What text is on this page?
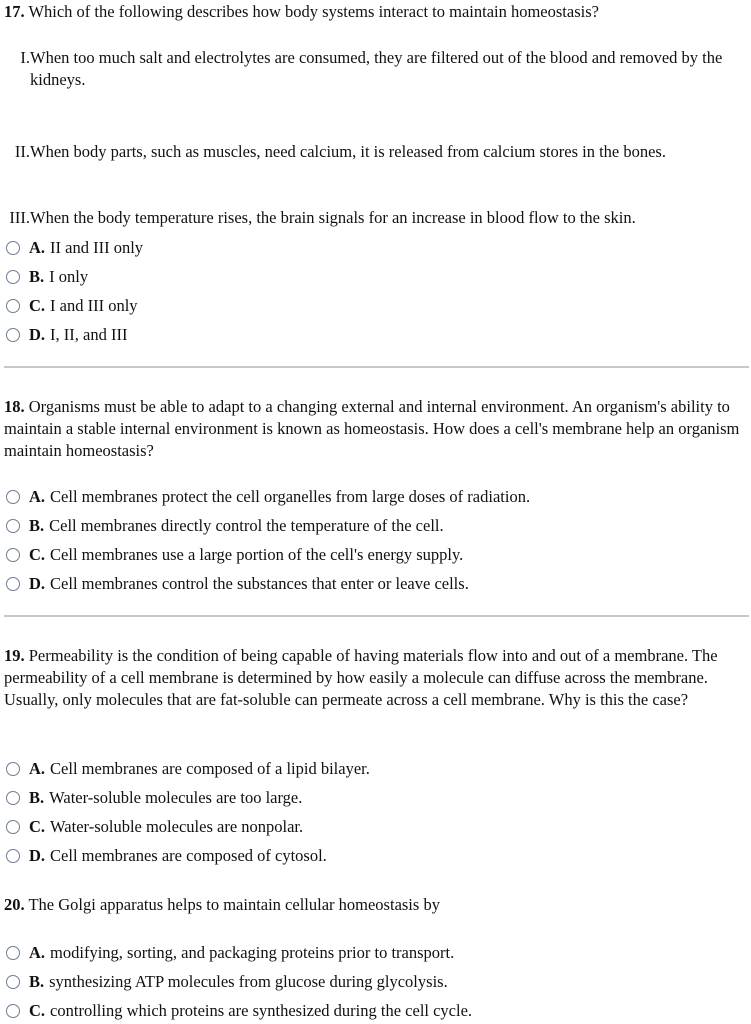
17. Which of the following describes how body systems interact to maintain homeostasis?
I. When too much salt and electrolytes are consumed, they are filtered out of the blood and removed by the kidneys.
II. When body parts, such as muscles, need calcium, it is released from calcium stores in the bones.
III. When the body temperature rises, the brain signals for an increase in blood flow to the skin.
A. II and III only
B. I only
C. I and III only
D. I, II, and III
18. Organisms must be able to adapt to a changing external and internal environment. An organism's ability to maintain a stable internal environment is known as homeostasis. How does a cell's membrane help an organism maintain homeostasis?
A. Cell membranes protect the cell organelles from large doses of radiation.
B. Cell membranes directly control the temperature of the cell.
C. Cell membranes use a large portion of the cell's energy supply.
D. Cell membranes control the substances that enter or leave cells.
19. Permeability is the condition of being capable of having materials flow into and out of a membrane. The permeability of a cell membrane is determined by how easily a molecule can diffuse across the membrane. Usually, only molecules that are fat-soluble can permeate across a cell membrane. Why is this the case?
A. Cell membranes are composed of a lipid bilayer.
B. Water-soluble molecules are too large.
C. Water-soluble molecules are nonpolar.
D. Cell membranes are composed of cytosol.
20. The Golgi apparatus helps to maintain cellular homeostasis by
A. modifying, sorting, and packaging proteins prior to transport.
B. synthesizing ATP molecules from glucose during glycolysis.
C. controlling which proteins are synthesized during the cell cycle.
